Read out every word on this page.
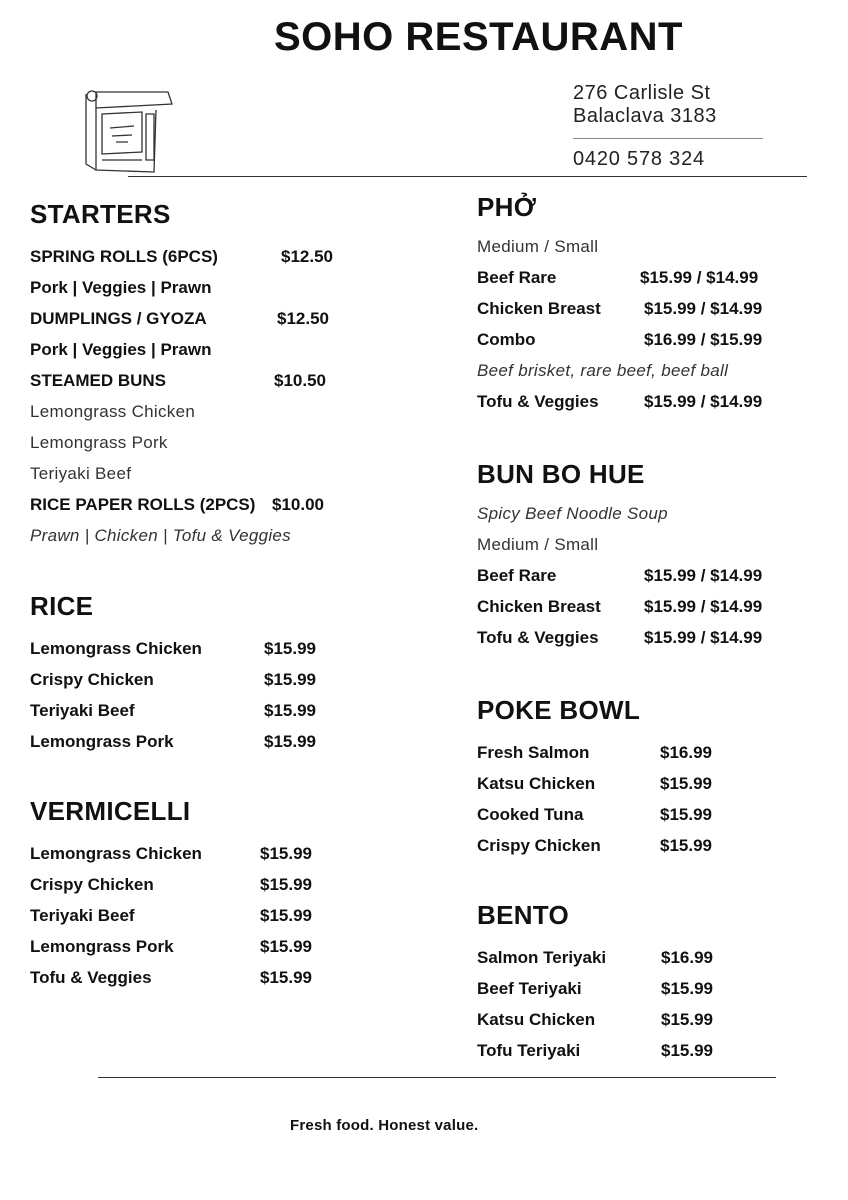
SOHO RESTAURANT
276 Carlisle St
Balaclava 3183
0420 578 324
STARTERS
SPRING ROLLS (6PCS)	$12.50
Pork | Veggies | Prawn
DUMPLINGS / GYOZA	$12.50
Pork | Veggies | Prawn
STEAMED BUNS	$10.50
Lemongrass Chicken
Lemongrass Pork
Teriyaki Beef
RICE PAPER ROLLS (2PCS) $10.00
Prawn | Chicken | Tofu & Veggies
RICE
Lemongrass Chicken	$15.99
Crispy Chicken	$15.99
Teriyaki Beef	$15.99
Lemongrass Pork	$15.99
VERMICELLI
Lemongrass Chicken	$15.99
Crispy Chicken	$15.99
Teriyaki Beef	$15.99
Lemongrass Pork	$15.99
Tofu & Veggies	$15.99
PHỞ
Medium / Small
Beef Rare	$15.99 / $14.99
Chicken Breast	$15.99 / $14.99
Combo	$16.99 / $15.99
Beef brisket, rare beef, beef ball
Tofu & Veggies	$15.99 / $14.99
BUN BO HUE
Spicy Beef Noodle Soup
Medium / Small
Beef Rare	$15.99 / $14.99
Chicken Breast	$15.99 / $14.99
Tofu & Veggies	$15.99 / $14.99
POKE BOWL
Fresh Salmon	$16.99
Katsu Chicken	$15.99
Cooked Tuna	$15.99
Crispy Chicken	$15.99
BENTO
Salmon Teriyaki	$16.99
Beef Teriyaki	$15.99
Katsu Chicken	$15.99
Tofu Teriyaki	$15.99
Fresh food. Honest value.
